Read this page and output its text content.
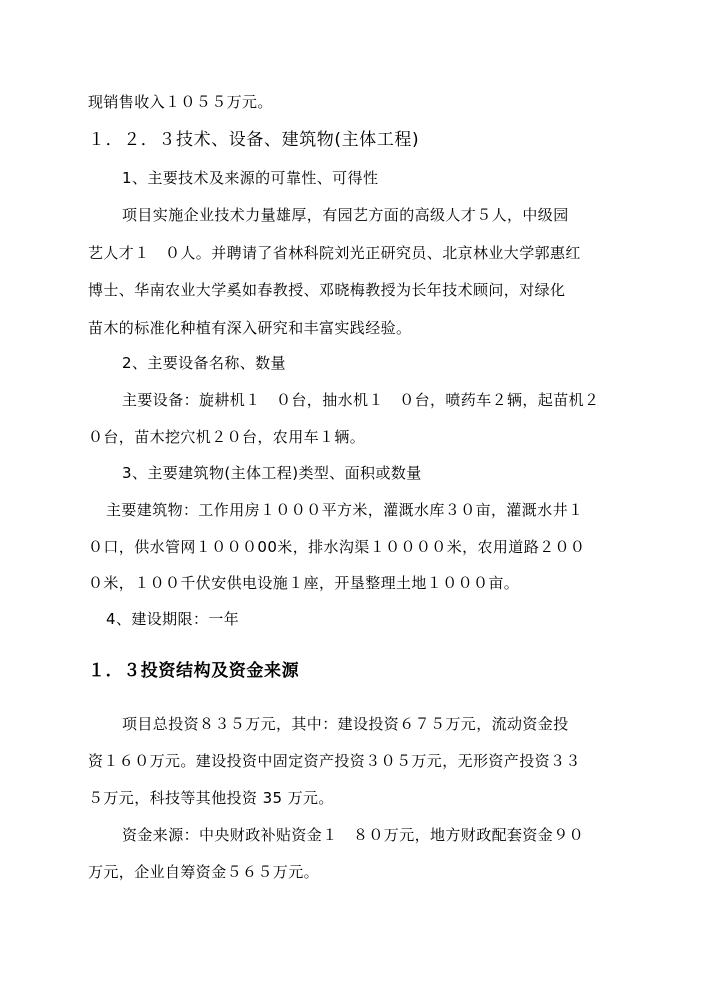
现销售收入１０５５万元。
１．２．３技术、设备、建筑物(主体工程)
1、主要技术及来源的可靠性、可得性
项目实施企业技术力量雄厚，有园艺方面的高级人才５人，中级园
艺人才１　０人。并聘请了省林科院刘光正研究员、北京林业大学郭惠红
博士、华南农业大学奚如春教授、邓晓梅教授为长年技术顾问，对绿化
苗木的标准化种植有深入研究和丰富实践经验。
2、主要设备名称、数量
主要设备：旋耕机１　０台，抽水机１　０台，喷药车２辆，起苗机２
０台，苗木挖穴机２０台，农用车１辆。
3、主要建筑物(主体工程)类型、面积或数量
主要建筑物：工作用房１０００平方米，灌溉水库３０亩，灌溉水井１
０口，供水管网１０００00米，排水沟渠１００００米，农用道路２００
０米，１００千伏安供电设施１座，开垦整理土地１０００亩。
4、建设期限：一年
１．３投资结构及资金来源
项目总投资８３５万元，其中：建设投资６７５万元，流动资金投
资１６０万元。建设投资中固定资产投资３０５万元，无形资产投资３３
５万元，科技等其他投资 35 万元。
资金来源：中央财政补贴资金１　８０万元，地方财政配套资金９０
万元，企业自筹资金５６５万元。
